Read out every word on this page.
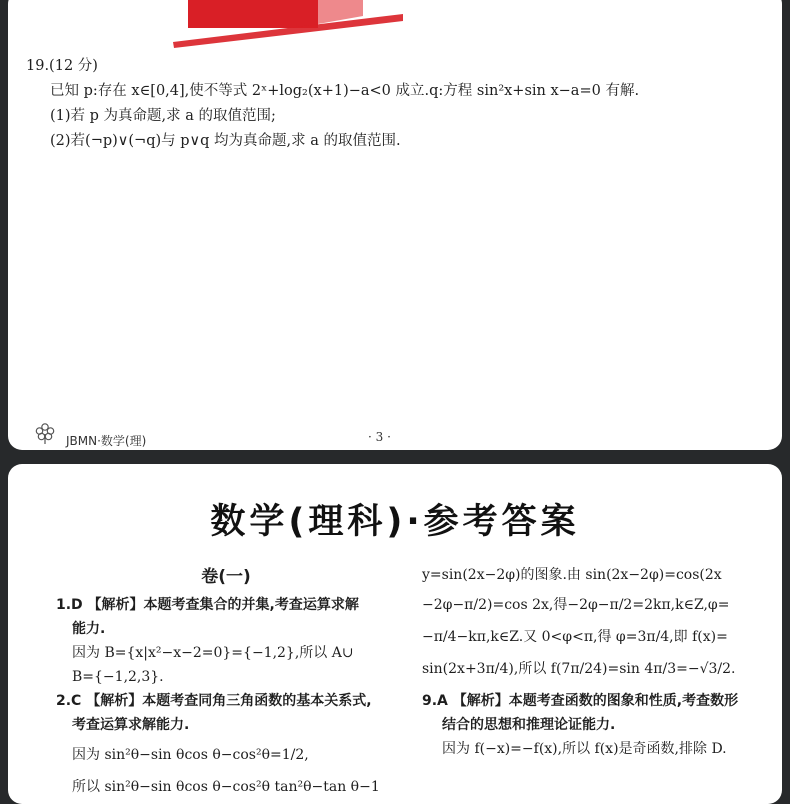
19.(12 分)
已知 p:存在 x∈[0,4],使不等式 2ˣ+log₂(x+1)−a<0 成立.q:方程 sin²x+sin x−a=0 有解.
(1)若 p 为真命题,求 a 的取值范围;
(2)若(¬p)∨(¬q)与 p∨q 均为真命题,求 a 的取值范围.
JBMN·数学(理)	· 3 ·
数学(理科)·参考答案
卷(一)
1.D 【解析】本题考查集合的并集,考查运算求解
能力.
因为 B={x|x²−x−2=0}={−1,2},所以 A∪
B={−1,2,3}.
2.C 【解析】本题考查同角三角函数的基本关系式,
考查运算求解能力.
因为 sin²θ−sin θcos θ−cos²θ=1/2,
所以 sin²θ−sin θcos θ−cos²θ tan²θ−tan θ−1
y=sin(2x−2φ)的图象.由 sin(2x−2φ)=cos(2x
−2φ−π/2)=cos 2x,得−2φ−π/2=2kπ,k∈Z,φ=
−π/4−kπ,k∈Z.又 0<φ<π,得 φ=3π/4,即 f(x)=
sin(2x+3π/4),所以 f(7π/24)=sin 4π/3=−√3/2.
9.A 【解析】本题考查函数的图象和性质,考查数形
结合的思想和推理论证能力.
因为 f(−x)=−f(x),所以 f(x)是奇函数,排除 D.
